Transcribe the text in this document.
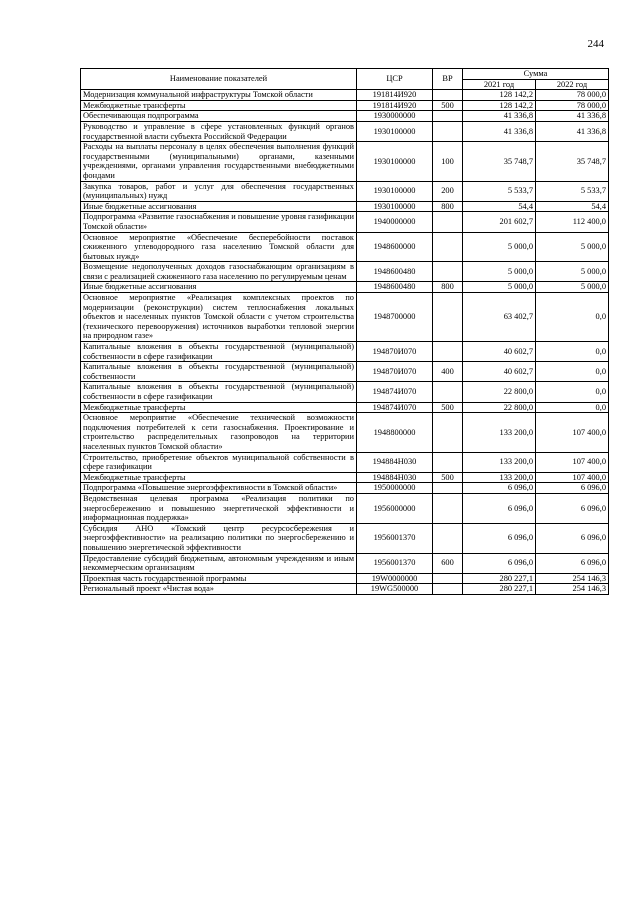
244
Наименование показателей	ЦСР	ВР	Сумма	
			2021 год	2022 год
Модернизация коммунальной инфраструктуры Томской области	191814И920		128 142,2	78 000,0
Межбюджетные трансферты	191814И920	500	128 142,2	78 000,0
Обеспечивающая подпрограмма	1930000000		41 336,8	41 336,8
Руководство и управление в сфере установленных функций органов государственной власти субъекта Российской Федерации	1930100000		41 336,8	41 336,8
Расходы на выплаты персоналу в целях обеспечения выполнения функций государственными (муниципальными) органами, казенными учреждениями, органами управления государственными внебюджетными фондами	1930100000	100	35 748,7	35 748,7
Закупка товаров, работ и услуг для обеспечения государственных (муниципальных) нужд	1930100000	200	5 533,7	5 533,7
Иные бюджетные ассигнования	1930100000	800	54,4	54,4
Подпрограмма «Развитие газоснабжения и повышение уровня газификации Томской области»	1940000000		201 602,7	112 400,0
Основное мероприятие «Обеспечение бесперебойности поставок сжиженного углеводородного газа населению Томской области для бытовых нужд»	1948600000		5 000,0	5 000,0
Возмещение недополученных доходов газоснабжающим организациям в связи с реализацией сжиженного газа населению по регулируемым ценам	1948600480		5 000,0	5 000,0
Иные бюджетные ассигнования	1948600480	800	5 000,0	5 000,0
Основное мероприятие «Реализация комплексных проектов по модернизации (реконструкции) систем теплоснабжения локальных объектов и населенных пунктов Томской области с учетом строительства (технического перевооружения) источников выработки тепловой энергии на природном газе»	1948700000		63 402,7	0,0
Капитальные вложения в объекты государственной (муниципальной) собственности в сфере газификации	194870И070		40 602,7	0,0
Капитальные вложения в объекты государственной (муниципальной) собственности	194870И070	400	40 602,7	0,0
Капитальные вложения в объекты государственной (муниципальной) собственности в сфере газификации	194874И070		22 800,0	0,0
Межбюджетные трансферты	194874И070	500	22 800,0	0,0
Основное мероприятие «Обеспечение технической возможности подключения потребителей к сети газоснабжения. Проектирование и строительство распределительных газопроводов на территории населенных пунктов Томской области»	1948800000		133 200,0	107 400,0
Строительство, приобретение объектов муниципальной собственности в сфере газификации	194884Н030		133 200,0	107 400,0
Межбюджетные трансферты	194884Н030	500	133 200,0	107 400,0
Подпрограмма «Повышение энергоэффективности в Томской области»	1950000000		6 096,0	6 096,0
Ведомственная целевая программа «Реализация политики по энергосбережению и повышению энергетической эффективности и информационная поддержка»	1956000000		6 096,0	6 096,0
Субсидия АНО «Томский центр ресурсосбережения и энергоэффективности» на реализацию политики по энергосбережению и повышению энергетической эффективности	1956001370		6 096,0	6 096,0
Предоставление субсидий бюджетным, автономным учреждениям и иным некоммерческим организациям	1956001370	600	6 096,0	6 096,0
Проектная часть государственной программы	19W0000000		280 227,1	254 146,3
Региональный проект «Чистая вода»	19WG500000		280 227,1	254 146,3
